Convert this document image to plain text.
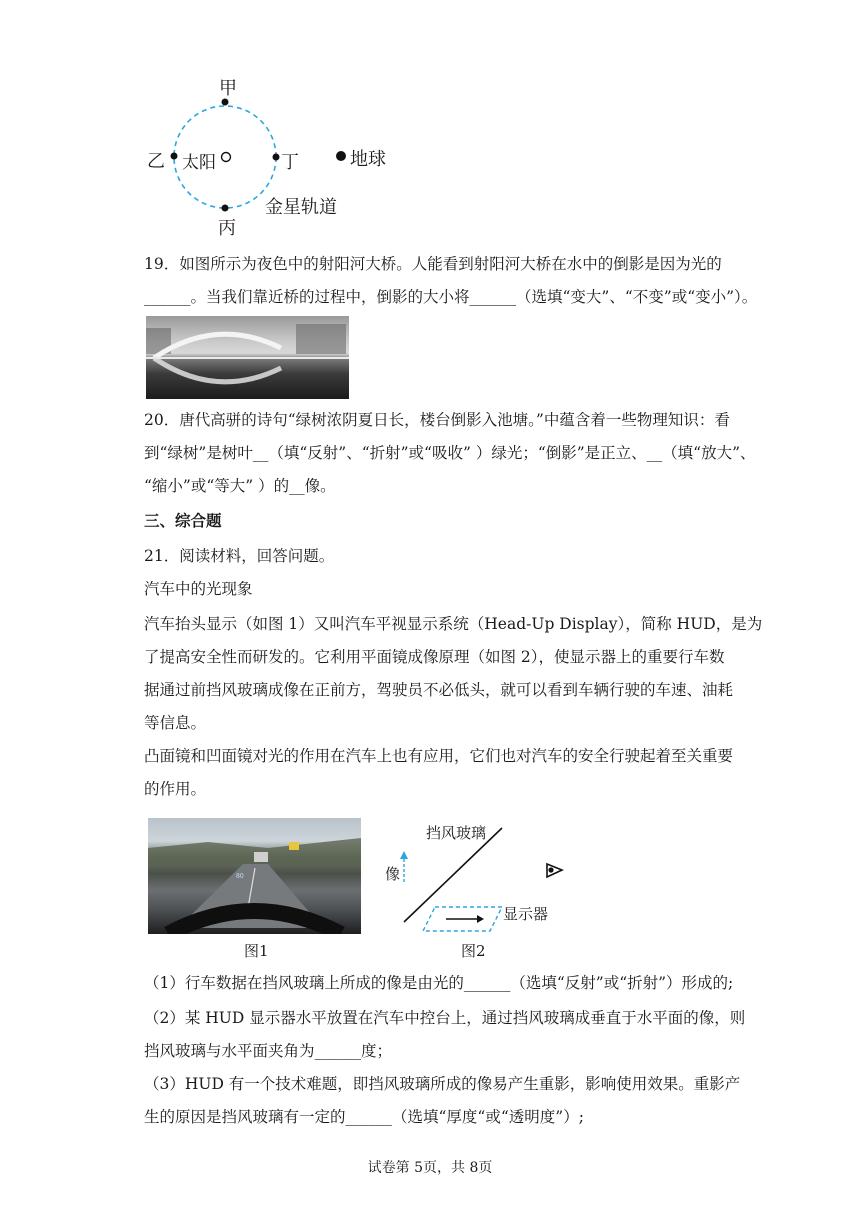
甲
乙
丙
丁
太阳	地球
金星轨道
19．如图所示为夜色中的射阳河大桥。人能看到射阳河大桥在水中的倒影是因为光的
______。当我们靠近桥的过程中，倒影的大小将______（选填“变大”、“不变”或“变小”）。
20．唐代高骈的诗句“绿树浓阴夏日长，楼台倒影入池塘。”中蕴含着一些物理知识：看
到“绿树”是树叶__（填“反射”、“折射”或“吸收” ）绿光；“倒影”是正立、__（填“放大”、
“缩小”或“等大” ）的__像。
三、综合题
21．阅读材料，回答问题。
汽车中的光现象
汽车抬头显示（如图 1）又叫汽车平视显示系统（Head-Up Display），简称 HUD，是为
了提高安全性而研发的。它利用平面镜成像原理（如图 2），使显示器上的重要行车数
据通过前挡风玻璃成像在正前方，驾驶员不必低头，就可以看到车辆行驶的车速、油耗
等信息。
凸面镜和凹面镜对光的作用在汽车上也有应用，它们也对汽车的安全行驶起着至关重要
的作用。
80
图1
挡风玻璃
像
显示器
图2
（1）行车数据在挡风玻璃上所成的像是由光的______（选填“反射”或“折射”）形成的;
（2）某 HUD 显示器水平放置在汽车中控台上，通过挡风玻璃成垂直于水平面的像，则
挡风玻璃与水平面夹角为______度；
（3）HUD 有一个技术难题，即挡风玻璃所成的像易产生重影，影响使用效果。重影产
生的原因是挡风玻璃有一定的______（选填“厚度“或“透明度”）;
试卷第 5页，共 8页
